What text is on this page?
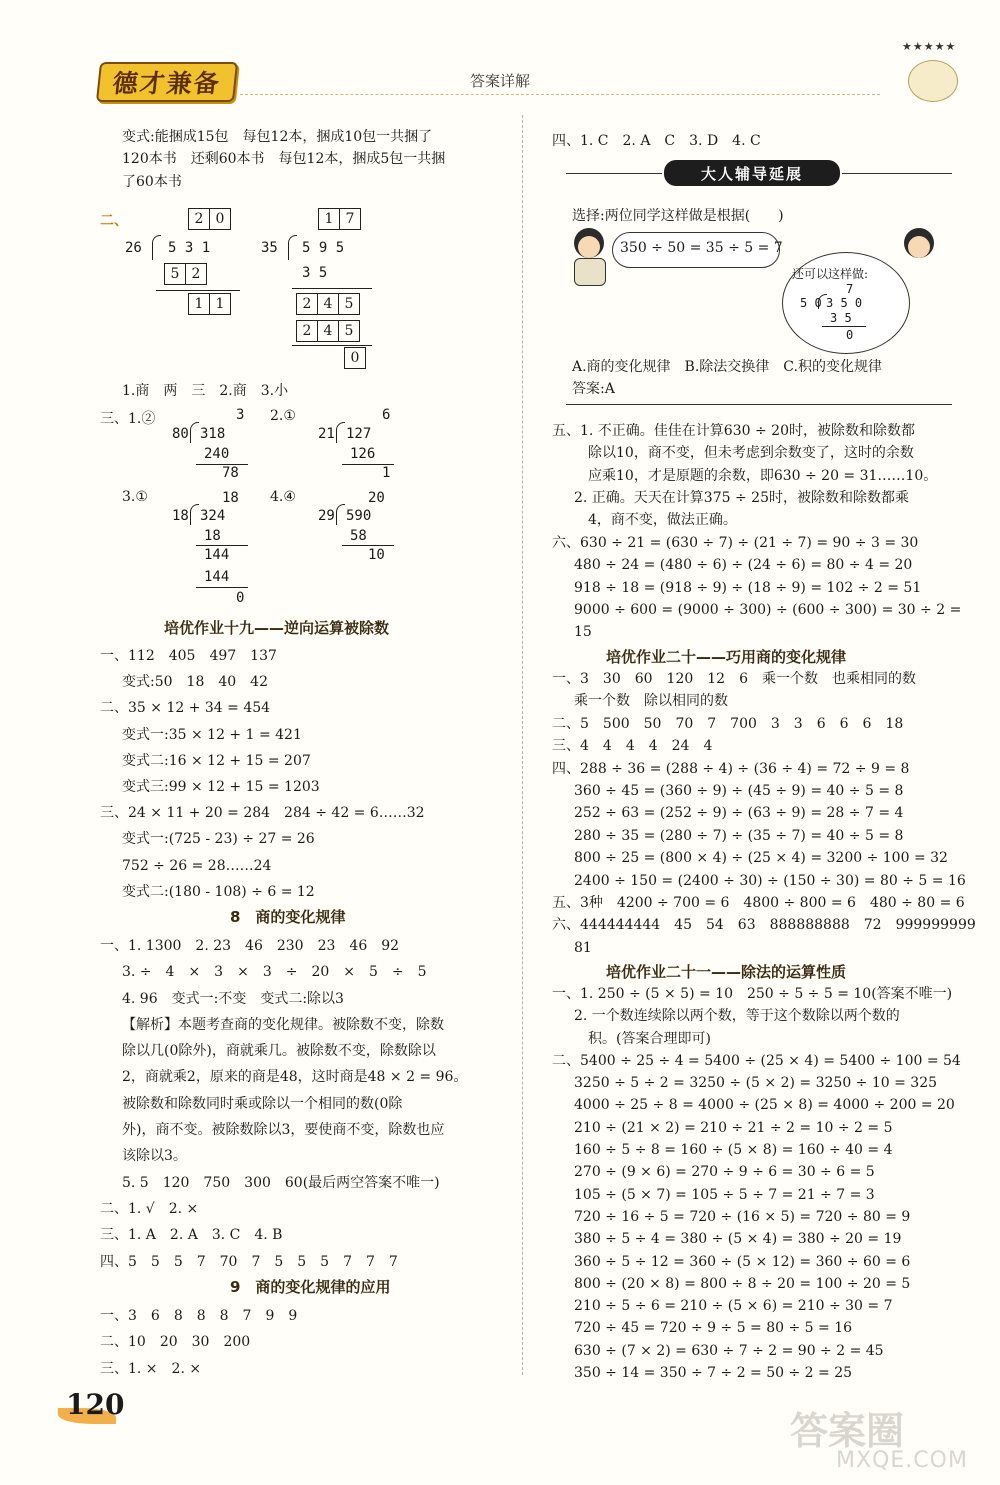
德才兼备	答案详解
★★★★★

变式:能捆成15包　每包12本，捆成10包一共捆了

120本书　还剩60本书　每包12本，捆成5包一共捆

了60本书

二、	2 0
26 5 3 1
5 2
1 1
1 7
35 5 9 5
3 5
2 4 5
2 4 5
0
1.商　两　三　2.商　3.小
三、1.②	3
80 318
240
78
2.①	6
21 127
126
1
3.①	18
18 324
18
144
144
0
4.④	20
29 590
58
10
培优作业十九——逆向运算被除数

一、112　405　497　137

变式:50　18　40　42

二、35 × 12 + 34 = 454

变式一:35 × 12 + 1 = 421

变式二:16 × 12 + 15 = 207

变式三:99 × 12 + 15 = 1203

三、24 × 11 + 20 = 284　284 ÷ 42 = 6……32

变式一:(725 - 23) ÷ 27 = 26

752 ÷ 26 = 28……24

变式二:(180 - 108) ÷ 6 = 12

8　商的变化规律

一、1. 1300　2. 23　46　230　23　46　92

3. ÷　4　×　3　×　3　÷　20　×　5　÷　5

4. 96　变式一:不变　变式二:除以3

【解析】本题考查商的变化规律。被除数不变，除数

除以几(0除外)，商就乘几。被除数不变，除数除以

2，商就乘2，原来的商是48，这时商是48 × 2 = 96。

被除数和除数同时乘或除以一个相同的数(0除

外)，商不变。被除数除以3，要使商不变，除数也应

该除以3。

5. 5　120　750　300　60(最后两空答案不唯一)

二、1. √　2. ×

三、1. A　2. A　3. C　4. B

四、5　5　5　7　70　7　5　5　5　7　7　7

9　商的变化规律的应用

一、3　6　8　8　8　7　9　9

二、10　20　30　200

三、1. ×　2. ×

四、1. C　2. A　C　3. D　4. C
大人辅导延展
选择:两位同学这样做是根据(　　)
350 ÷ 50 = 35 ÷ 5 = 7
还可以这样做:
7
5 0 3 5 0
3 5
0
A.商的变化规律　B.除法交换律　C.积的变化规律
答案:A

五、1. 不正确。佳佳在计算630 ÷ 20时，被除数和除数都

除以10，商不变，但未考虑到余数变了，这时的余数

应乘10，才是原题的余数，即630 ÷ 20 = 31……10。

2. 正确。天天在计算375 ÷ 25时，被除数和除数都乘

4，商不变，做法正确。

六、630 ÷ 21 = (630 ÷ 7) ÷ (21 ÷ 7) = 90 ÷ 3 = 30

480 ÷ 24 = (480 ÷ 6) ÷ (24 ÷ 6) = 80 ÷ 4 = 20

918 ÷ 18 = (918 ÷ 9) ÷ (18 ÷ 9) = 102 ÷ 2 = 51

9000 ÷ 600 = (9000 ÷ 300) ÷ (600 ÷ 300) = 30 ÷ 2 =

15

培优作业二十——巧用商的变化规律

一、3　30　60　120　12　6　乘一个数　也乘相同的数

乘一个数　除以相同的数

二、5　500　50　70　7　700　3　3　6　6　6　18

三、4　4　4　4　24　4

四、288 ÷ 36 = (288 ÷ 4) ÷ (36 ÷ 4) = 72 ÷ 9 = 8

360 ÷ 45 = (360 ÷ 9) ÷ (45 ÷ 9) = 40 ÷ 5 = 8

252 ÷ 63 = (252 ÷ 9) ÷ (63 ÷ 9) = 28 ÷ 7 = 4

280 ÷ 35 = (280 ÷ 7) ÷ (35 ÷ 7) = 40 ÷ 5 = 8

800 ÷ 25 = (800 × 4) ÷ (25 × 4) = 3200 ÷ 100 = 32

2400 ÷ 150 = (2400 ÷ 30) ÷ (150 ÷ 30) = 80 ÷ 5 = 16

五、3种　4200 ÷ 700 = 6　4800 ÷ 800 = 6　480 ÷ 80 = 6

六、444444444　45　54　63　888888888　72　999999999

81

培优作业二十一——除法的运算性质

一、1. 250 ÷ (5 × 5) = 10　250 ÷ 5 ÷ 5 = 10(答案不唯一)

2. 一个数连续除以两个数，等于这个数除以两个数的

积。(答案合理即可)

二、5400 ÷ 25 ÷ 4 = 5400 ÷ (25 × 4) = 5400 ÷ 100 = 54

3250 ÷ 5 ÷ 2 = 3250 ÷ (5 × 2) = 3250 ÷ 10 = 325

4000 ÷ 25 ÷ 8 = 4000 ÷ (25 × 8) = 4000 ÷ 200 = 20

210 ÷ (21 × 2) = 210 ÷ 21 ÷ 2 = 10 ÷ 2 = 5

160 ÷ 5 ÷ 8 = 160 ÷ (5 × 8) = 160 ÷ 40 = 4

270 ÷ (9 × 6) = 270 ÷ 9 ÷ 6 = 30 ÷ 6 = 5

105 ÷ (5 × 7) = 105 ÷ 5 ÷ 7 = 21 ÷ 7 = 3

720 ÷ 16 ÷ 5 = 720 ÷ (16 × 5) = 720 ÷ 80 = 9

380 ÷ 5 ÷ 4 = 380 ÷ (5 × 4) = 380 ÷ 20 = 19

360 ÷ 5 ÷ 12 = 360 ÷ (5 × 12) = 360 ÷ 60 = 6

800 ÷ (20 × 8) = 800 ÷ 8 ÷ 20 = 100 ÷ 20 = 5

210 ÷ 5 ÷ 6 = 210 ÷ (5 × 6) = 210 ÷ 30 = 7

720 ÷ 45 = 720 ÷ 9 ÷ 5 = 80 ÷ 5 = 16

630 ÷ (7 × 2) = 630 ÷ 7 ÷ 2 = 90 ÷ 2 = 45

350 ÷ 14 = 350 ÷ 7 ÷ 2 = 50 ÷ 2 = 25

120
答案圈
MXQE.COM
